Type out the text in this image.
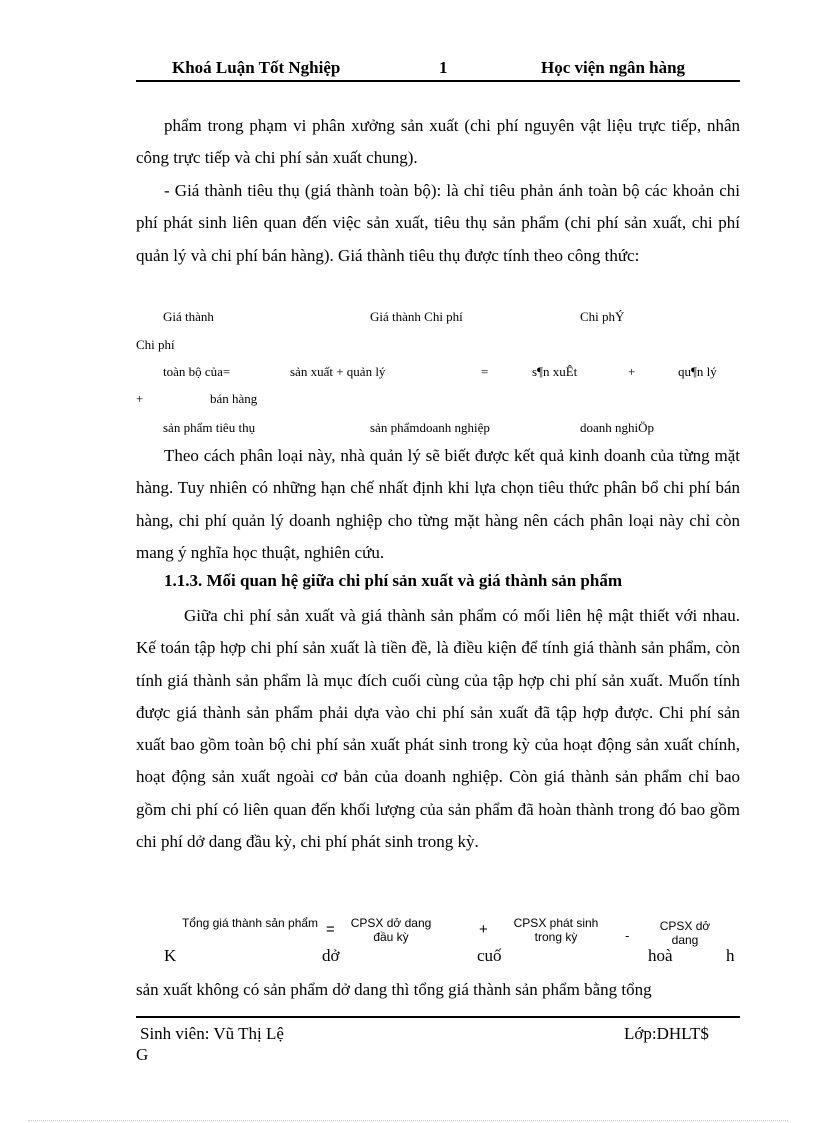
Khoá Luận Tốt Nghiệp	1	Học viện ngân hàng

phẩm trong phạm vi phân xưởng sản xuất (chi phí nguyên vật liệu trực tiếp, nhân công trực tiếp và chi phí sản xuất chung).

- Giá thành tiêu thụ (giá thành toàn bộ): là chỉ tiêu phản ánh toàn bộ các khoản chi phí phát sinh liên quan đến việc sản xuất, tiêu thụ sản phẩm (chi phí sản xuất, chi phí quản lý và chi phí bán hàng). Giá thành tiêu thụ được tính theo công thức:

Giá thành	Giá thành Chi phí	Chi phÝ
Chi phí
toàn bộ của=	sản xuất + quản lý	=	s¶n xuÊt	+	qu¶n lý
+	bán hàng
sản phẩm tiêu thụ	sản phẩmdoanh nghiệp	doanh nghiÖp

Theo cách phân loại này, nhà quản lý sẽ biết được kết quả kinh doanh của từng mặt hàng. Tuy nhiên có những hạn chế nhất định khi lựa chọn tiêu thức phân bổ chi phí bán hàng, chi phí quản lý doanh nghiệp cho từng mặt hàng nên cách phân loại này chỉ còn mang ý nghĩa học thuật, nghiên cứu.

1.1.3. Mối quan hệ giữa chi phí sản xuất và giá thành sản phẩm

Giữa chi phí sản xuất và giá thành sản phẩm có mối liên hệ mật thiết với nhau. Kế toán tập hợp chi phí sản xuất là tiền đề, là điều kiện để tính giá thành sản phẩm, còn tính giá thành sản phẩm là mục đích cuối cùng của tập hợp chi phí sản xuất. Muốn tính được giá thành sản phẩm phải dựa vào chi phí sản xuất đã tập hợp được. Chi phí sản xuất bao gồm toàn bộ chi phí sản xuất phát sinh trong kỳ của hoạt động sản xuất chính, hoạt động sản xuất ngoài cơ bản của doanh nghiệp. Còn giá thành sản phẩm chỉ bao gồm chi phí có liên quan đến khối lượng của sản phẩm đã hoàn thành trong đó bao gồm chi phí dở dang đầu kỳ, chi phí phát sinh trong kỳ.

Tổng giá thành sản phẩm = CPSX dở dang đầu kỳ	+	CPSX phát sinh trong kỳ	-
CPSX dở dang
K	dở	cuố	hoà	h
sản xuất không có sản phẩm dở dang thì tổng giá thành sản phẩm bằng tổng
Sinh viên: Vũ Thị Lệ
G
Lớp:DHLT$
